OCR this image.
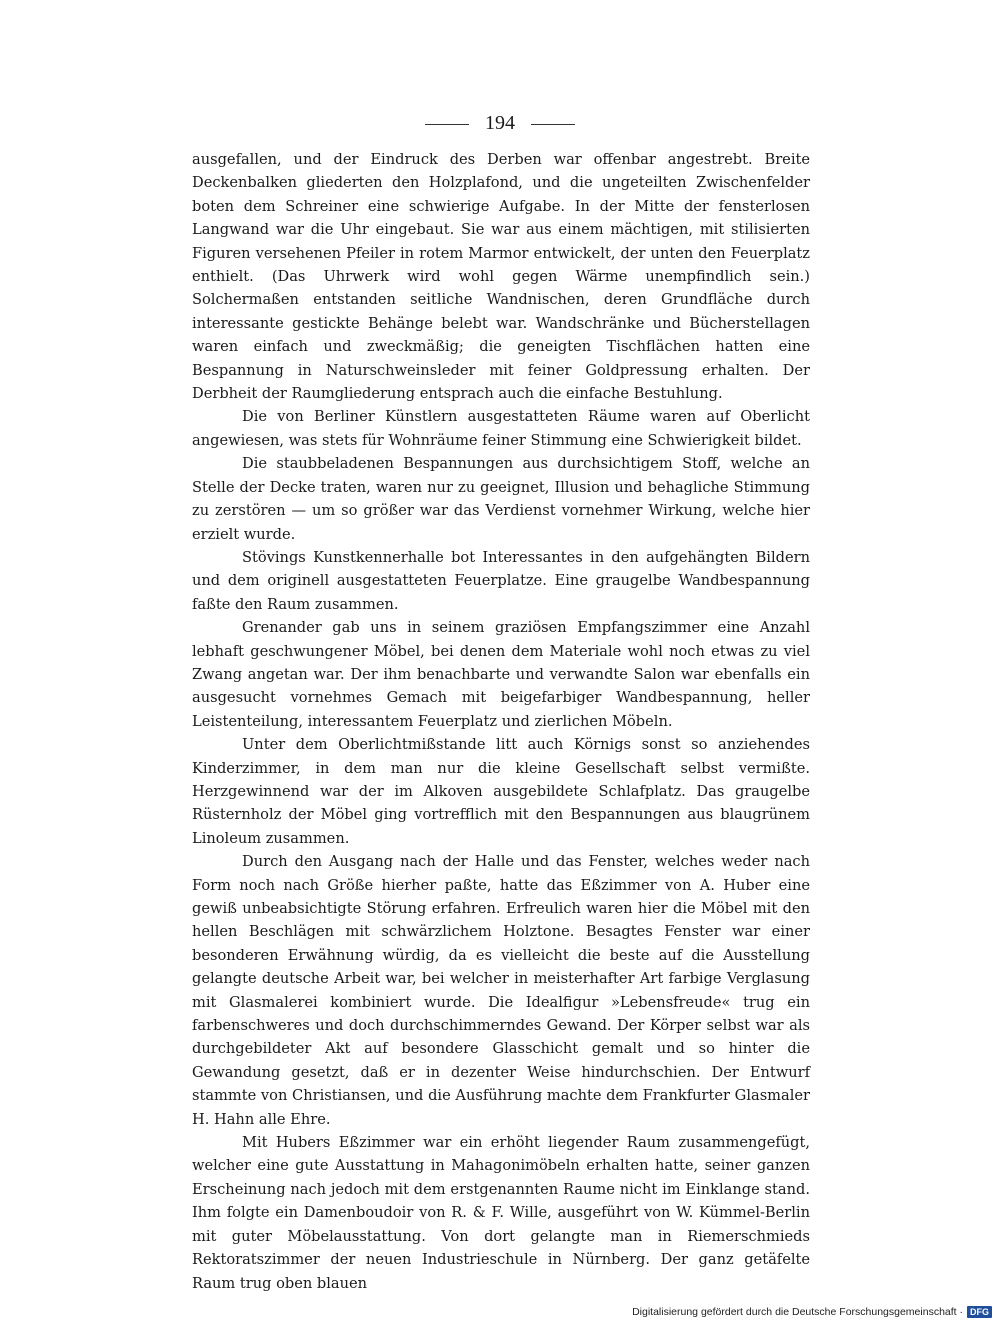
194

ausgefallen, und der Eindruck des Derben war offenbar angestrebt. Breite Deckenbalken gliederten den Holzplafond, und die ungeteilten Zwischenfelder boten dem Schreiner eine schwierige Aufgabe. In der Mitte der fensterlosen Langwand war die Uhr eingebaut. Sie war aus einem mächtigen, mit stilisierten Figuren versehenen Pfeiler in rotem Marmor entwickelt, der unten den Feuerplatz enthielt. (Das Uhrwerk wird wohl gegen Wärme unempfindlich sein.) Solchermaßen entstanden seitliche Wandnischen, deren Grundfläche durch interessante gestickte Behänge belebt war. Wandschränke und Bücherstellagen waren einfach und zweckmäßig; die geneigten Tischflächen hatten eine Bespannung in Naturschweinsleder mit feiner Goldpressung erhalten. Der Derbheit der Raumgliederung entsprach auch die einfache Bestuhlung.

Die von Berliner Künstlern ausgestatteten Räume waren auf Oberlicht angewiesen, was stets für Wohnräume feiner Stimmung eine Schwierigkeit bildet.

Die staubbeladenen Bespannungen aus durchsichtigem Stoff, welche an Stelle der Decke traten, waren nur zu geeignet, Illusion und behagliche Stimmung zu zerstören — um so größer war das Verdienst vornehmer Wirkung, welche hier erzielt wurde.

Stövings Kunstkennerhalle bot Interessantes in den aufgehängten Bildern und dem originell ausgestatteten Feuerplatze. Eine graugelbe Wandbespannung faßte den Raum zusammen.

Grenander gab uns in seinem graziösen Empfangszimmer eine Anzahl lebhaft geschwungener Möbel, bei denen dem Materiale wohl noch etwas zu viel Zwang angetan war. Der ihm benachbarte und verwandte Salon war ebenfalls ein ausgesucht vornehmes Gemach mit beigefarbiger Wandbespannung, heller Leistenteilung, interessantem Feuerplatz und zierlichen Möbeln.

Unter dem Oberlichtmißstande litt auch Körnigs sonst so anziehendes Kinderzimmer, in dem man nur die kleine Gesellschaft selbst vermißte. Herzgewinnend war der im Alkoven ausgebildete Schlafplatz. Das graugelbe Rüsternholz der Möbel ging vortrefflich mit den Bespannungen aus blaugrünem Linoleum zusammen.

Durch den Ausgang nach der Halle und das Fenster, welches weder nach Form noch nach Größe hierher paßte, hatte das Eßzimmer von A. Huber eine gewiß unbeabsichtigte Störung erfahren. Erfreulich waren hier die Möbel mit den hellen Beschlägen mit schwärzlichem Holztone. Besagtes Fenster war einer besonderen Erwähnung würdig, da es vielleicht die beste auf die Ausstellung gelangte deutsche Arbeit war, bei welcher in meisterhafter Art farbige Verglasung mit Glasmalerei kombiniert wurde. Die Idealfigur »Lebensfreude« trug ein farbenschweres und doch durchschimmerndes Gewand. Der Körper selbst war als durchgebildeter Akt auf besondere Glasschicht gemalt und so hinter die Gewandung gesetzt, daß er in dezenter Weise hindurchschien. Der Entwurf stammte von Christiansen, und die Ausführung machte dem Frankfurter Glasmaler H. Hahn alle Ehre.

Mit Hubers Eßzimmer war ein erhöht liegender Raum zusammengefügt, welcher eine gute Ausstattung in Mahagonimöbeln erhalten hatte, seiner ganzen Erscheinung nach jedoch mit dem erstgenannten Raume nicht im Einklange stand. Ihm folgte ein Damenboudoir von R. & F. Wille, ausgeführt von W. Kümmel-Berlin mit guter Möbelausstattung. Von dort gelangte man in Riemerschmieds Rektoratszimmer der neuen Industrieschule in Nürnberg. Der ganz getäfelte Raum trug oben blauen

Digitalisierung gefördert durch die Deutsche Forschungsgemeinschaft · DFG
